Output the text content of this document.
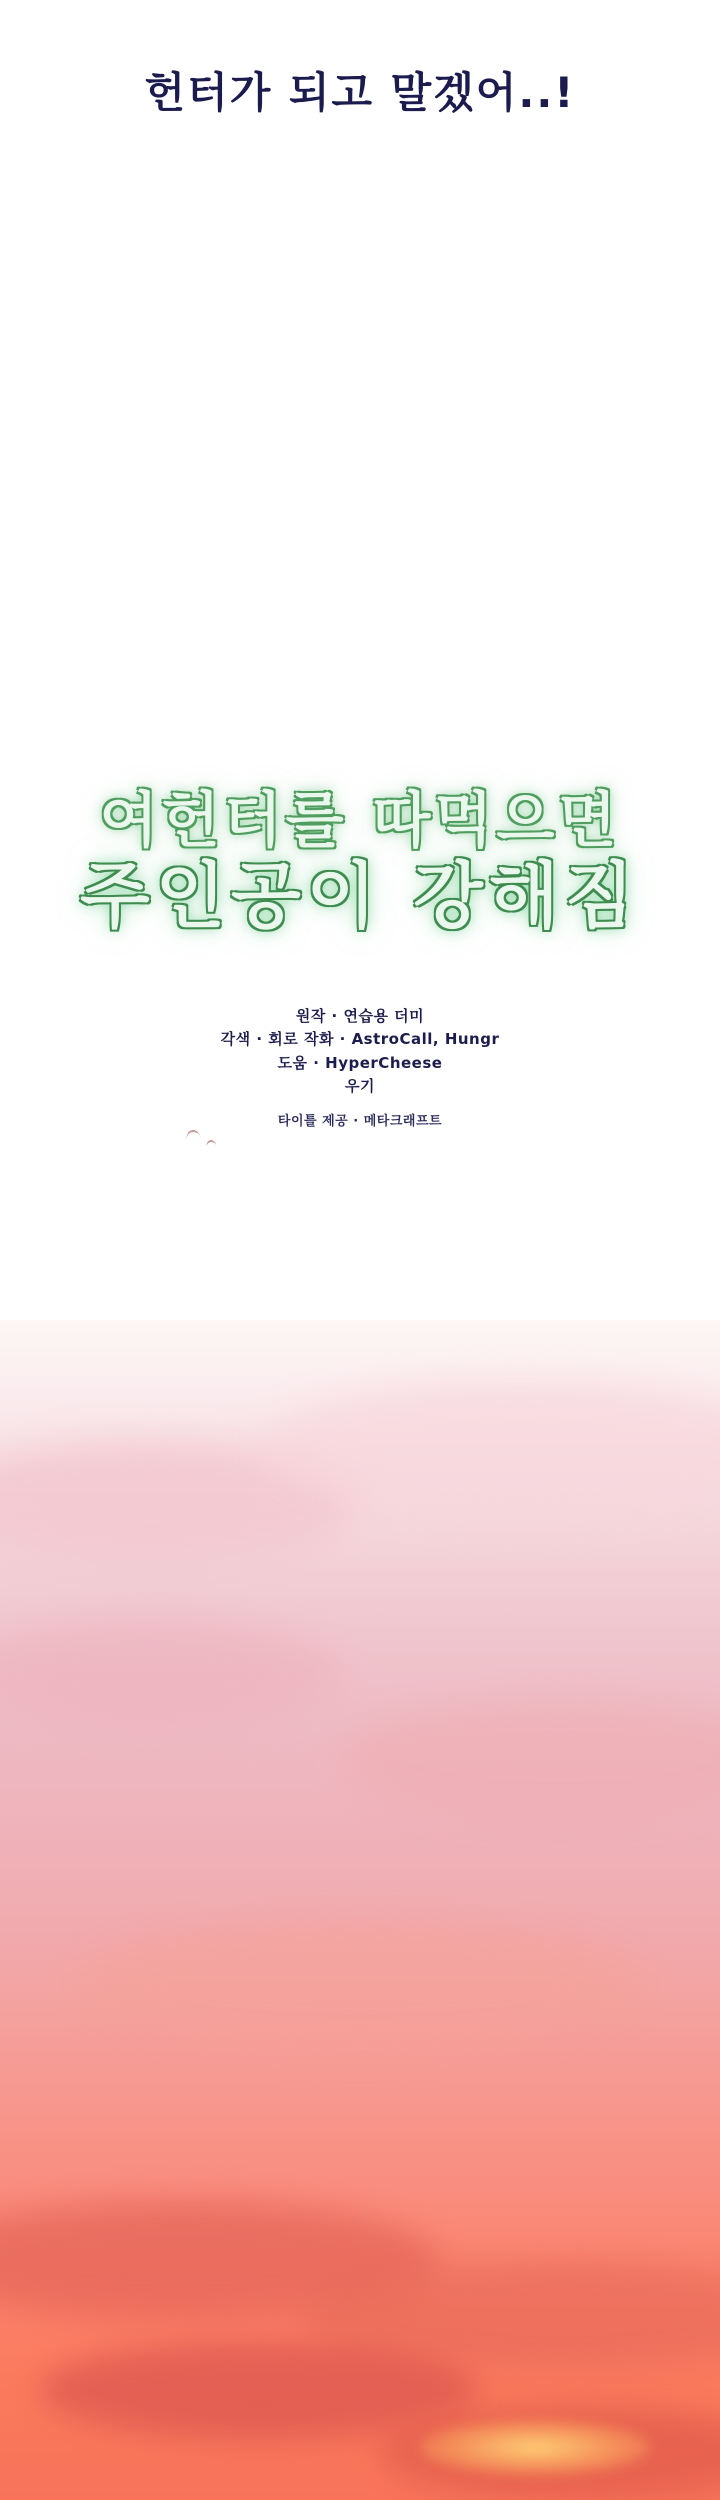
헌터가 되고 말겠어..!
여헌터를 따먹으면
주인공이 강해짐
원작 · 연습용 더미
각색 · 회로 작화 · AstroCall, Hungr
도움 · HyperCheese
우기
타이틀 제공 · 메타크래프트
